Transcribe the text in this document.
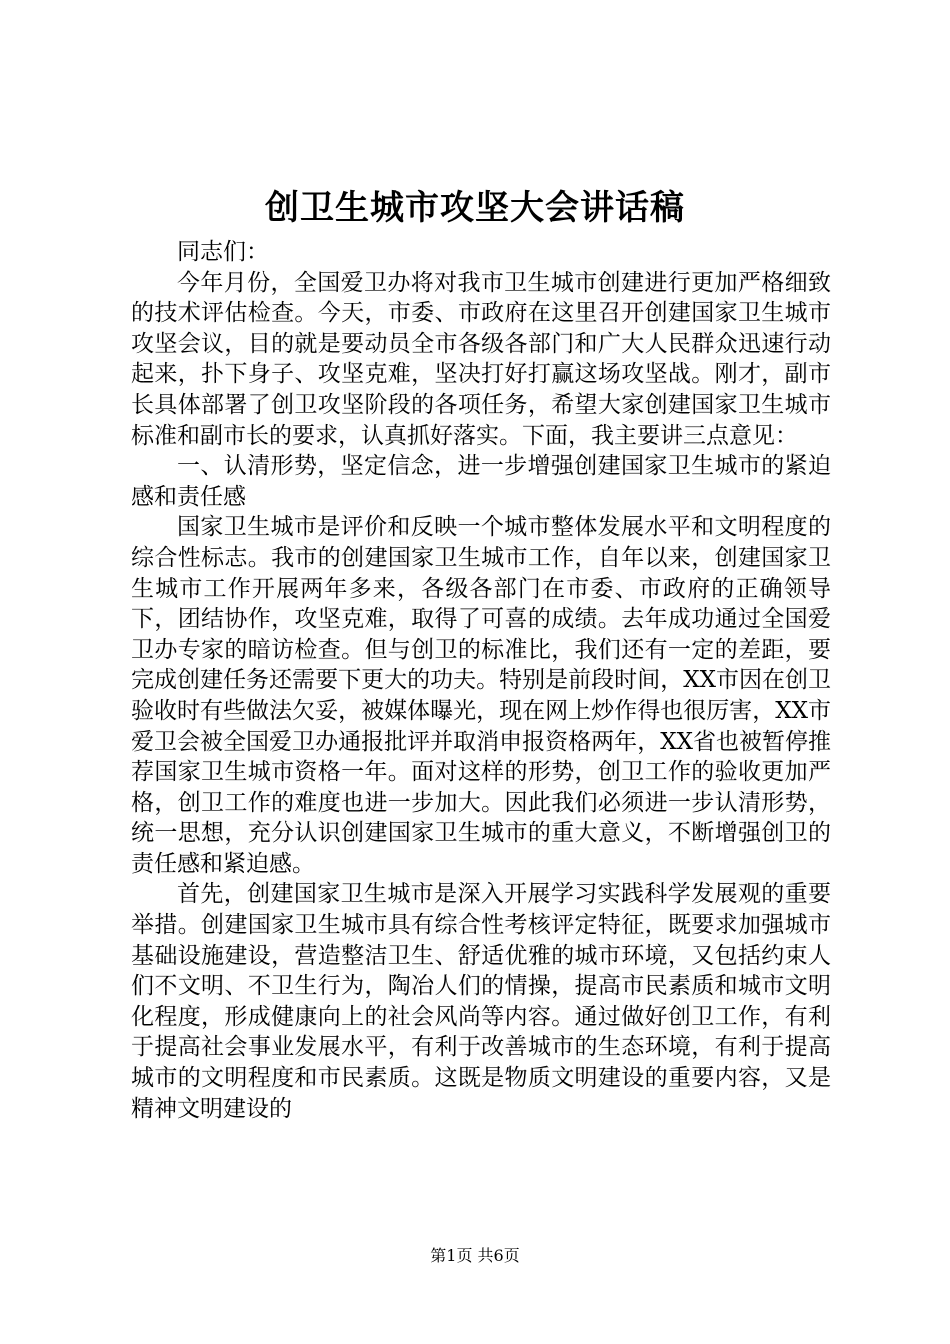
创卫生城市攻坚大会讲话稿

同志们：

今年月份，全国爱卫办将对我市卫生城市创建进行更加严格细致的技术评估检查。今天，市委、市政府在这里召开创建国家卫生城市攻坚会议，目的就是要动员全市各级各部门和广大人民群众迅速行动起来，扑下身子、攻坚克难，坚决打好打赢这场攻坚战。刚才，副市长具体部署了创卫攻坚阶段的各项任务，希望大家创建国家卫生城市标准和副市长的要求，认真抓好落实。下面，我主要讲三点意见：

一、认清形势，坚定信念，进一步增强创建国家卫生城市的紧迫感和责任感

国家卫生城市是评价和反映一个城市整体发展水平和文明程度的综合性标志。我市的创建国家卫生城市工作，自年以来，创建国家卫生城市工作开展两年多来，各级各部门在市委、市政府的正确领导下，团结协作，攻坚克难，取得了可喜的成绩。去年成功通过全国爱卫办专家的暗访检查。但与创卫的标准比，我们还有一定的差距，要完成创建任务还需要下更大的功夫。特别是前段时间，XX市因在创卫验收时有些做法欠妥，被媒体曝光，现在网上炒作得也很厉害，XX市爱卫会被全国爱卫办通报批评并取消申报资格两年，XX省也被暂停推荐国家卫生城市资格一年。面对这样的形势，创卫工作的验收更加严格，创卫工作的难度也进一步加大。因此我们必须进一步认清形势，统一思想，充分认识创建国家卫生城市的重大意义，不断增强创卫的责任感和紧迫感。

首先，创建国家卫生城市是深入开展学习实践科学发展观的重要举措。创建国家卫生城市具有综合性考核评定特征，既要求加强城市基础设施建设，营造整洁卫生、舒适优雅的城市环境，又包括约束人们不文明、不卫生行为，陶冶人们的情操，提高市民素质和城市文明化程度，形成健康向上的社会风尚等内容。通过做好创卫工作，有利于提高社会事业发展水平，有利于改善城市的生态环境，有利于提高城市的文明程度和市民素质。这既是物质文明建设的重要内容，又是精神文明建设的

第1页 共6页
